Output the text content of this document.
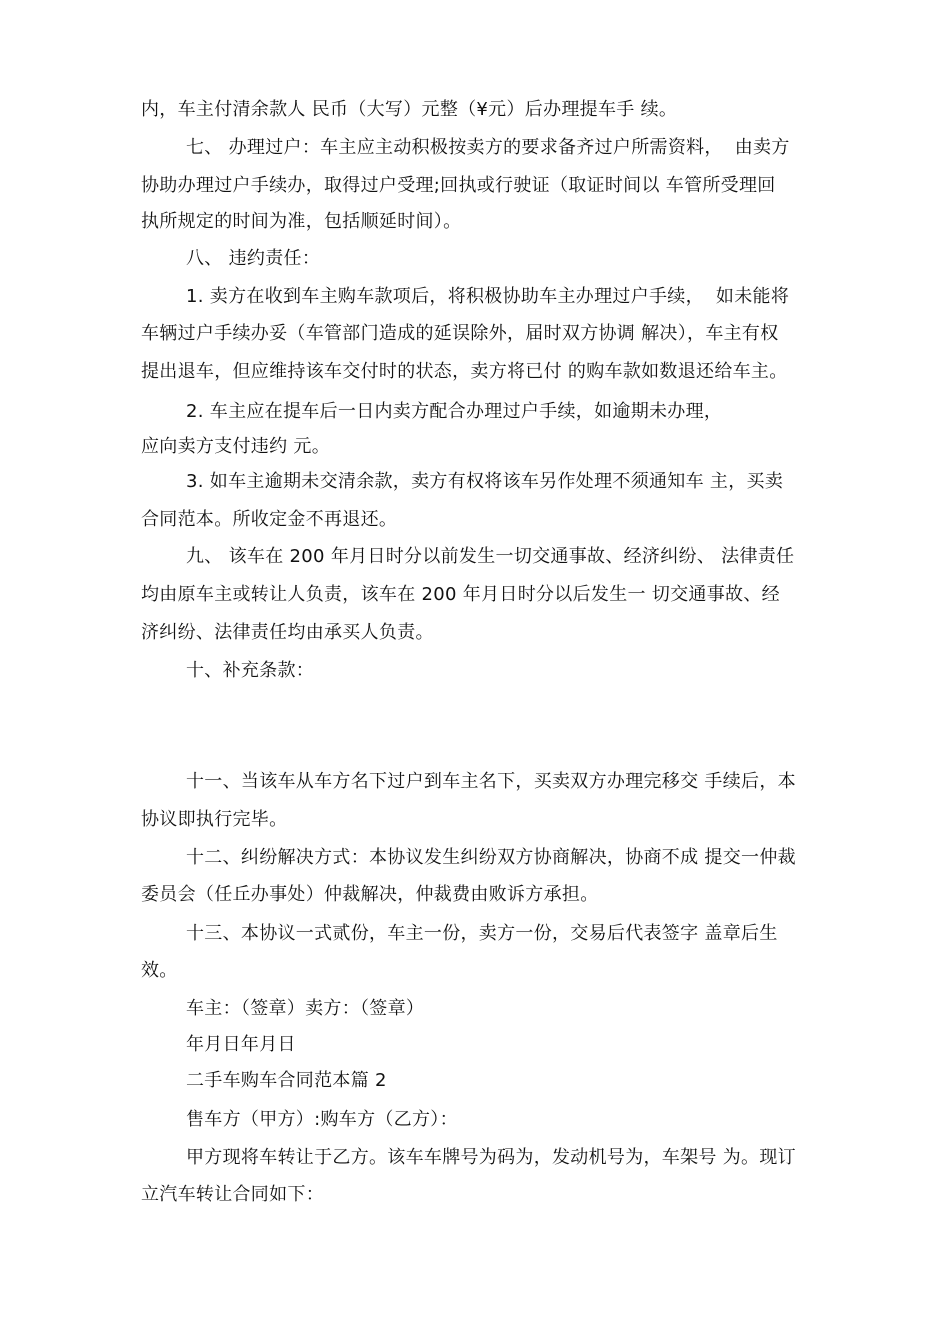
内，车主付清余款人 民币（大写）元整（¥元）后办理提车手 续。
七、 办理过户：车主应主动积极按卖方的要求备齐过户所需资料，  由卖方
协助办理过户手续办，取得过户受理;回执或行驶证（取证时间以 车管所受理回
执所规定的时间为准，包括顺延时间）。
八、 违约责任：
1. 卖方在收到车主购车款项后，将积极协助车主办理过户手续，  如未能将
车辆过户手续办妥（车管部门造成的延误除外，届时双方协调 解决），车主有权
提出退车，但应维持该车交付时的状态，卖方将已付 的购车款如数退还给车主。
2. 车主应在提车后一日内卖方配合办理过户手续，如逾期未办理，
应向卖方支付违约 元。
3. 如车主逾期未交清余款，卖方有权将该车另作处理不须通知车 主，买卖
合同范本。所收定金不再退还。
九、 该车在 200 年月日时分以前发生一切交通事故、经济纠纷、 法律责任
均由原车主或转让人负责，该车在 200 年月日时分以后发生一 切交通事故、经
济纠纷、法律责任均由承买人负责。
十、补充条款：
十一、当该车从车方名下过户到车主名下，买卖双方办理完移交 手续后，本
协议即执行完毕。
十二、纠纷解决方式：本协议发生纠纷双方协商解决，协商不成 提交一仲裁
委员会（任丘办事处）仲裁解决，仲裁费由败诉方承担。
十三、本协议一式贰份，车主一份，卖方一份，交易后代表签字 盖章后生
效。
车主：（签章）卖方：（签章）
年月日年月日
二手车购车合同范本篇 2
售车方（甲方）:购车方（乙方）：
甲方现将车转让于乙方。该车车牌号为码为，发动机号为，车架号 为。现订
立汽车转让合同如下：
